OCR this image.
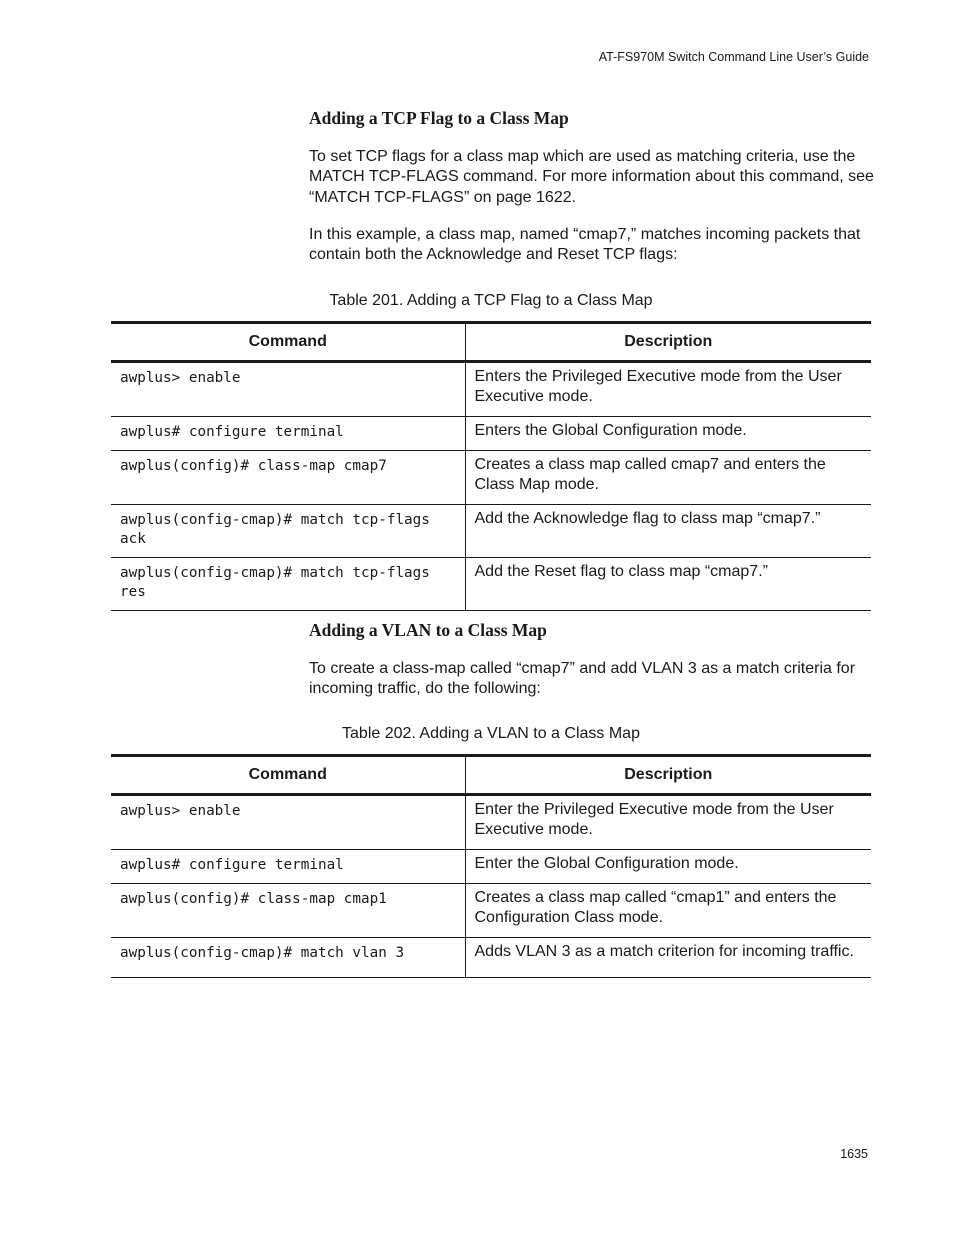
AT-FS970M Switch Command Line User’s Guide
Adding a TCP Flag to a Class Map

To set TCP flags for a class map which are used as matching criteria, use the MATCH TCP-FLAGS command. For more information about this command, see “MATCH TCP-FLAGS” on page 1622.

In this example, a class map, named “cmap7,” matches incoming packets that contain both the Acknowledge and Reset TCP flags:

Table 201. Adding a TCP Flag to a Class Map

Command	Description
awplus> enable	Enters the Privileged Executive mode from the User Executive mode.
awplus# configure terminal	Enters the Global Configuration mode.
awplus(config)# class-map cmap7	Creates a class map called cmap7 and enters the Class Map mode.
awplus(config-cmap)# match tcp-flags ack	Add the Acknowledge flag to class map “cmap7.”
awplus(config-cmap)# match tcp-flags res	Add the Reset flag to class map “cmap7.”
Adding a VLAN to a Class Map

To create a class-map called “cmap7” and add VLAN 3 as a match criteria for incoming traffic, do the following:

Table 202. Adding a VLAN to a Class Map

Command	Description
awplus> enable	Enter the Privileged Executive mode from the User Executive mode.
awplus# configure terminal	Enter the Global Configuration mode.
awplus(config)# class-map cmap1	Creates a class map called “cmap1” and enters the Configuration Class mode.
awplus(config-cmap)# match vlan 3	Adds VLAN 3 as a match criterion for incoming traffic.
1635
